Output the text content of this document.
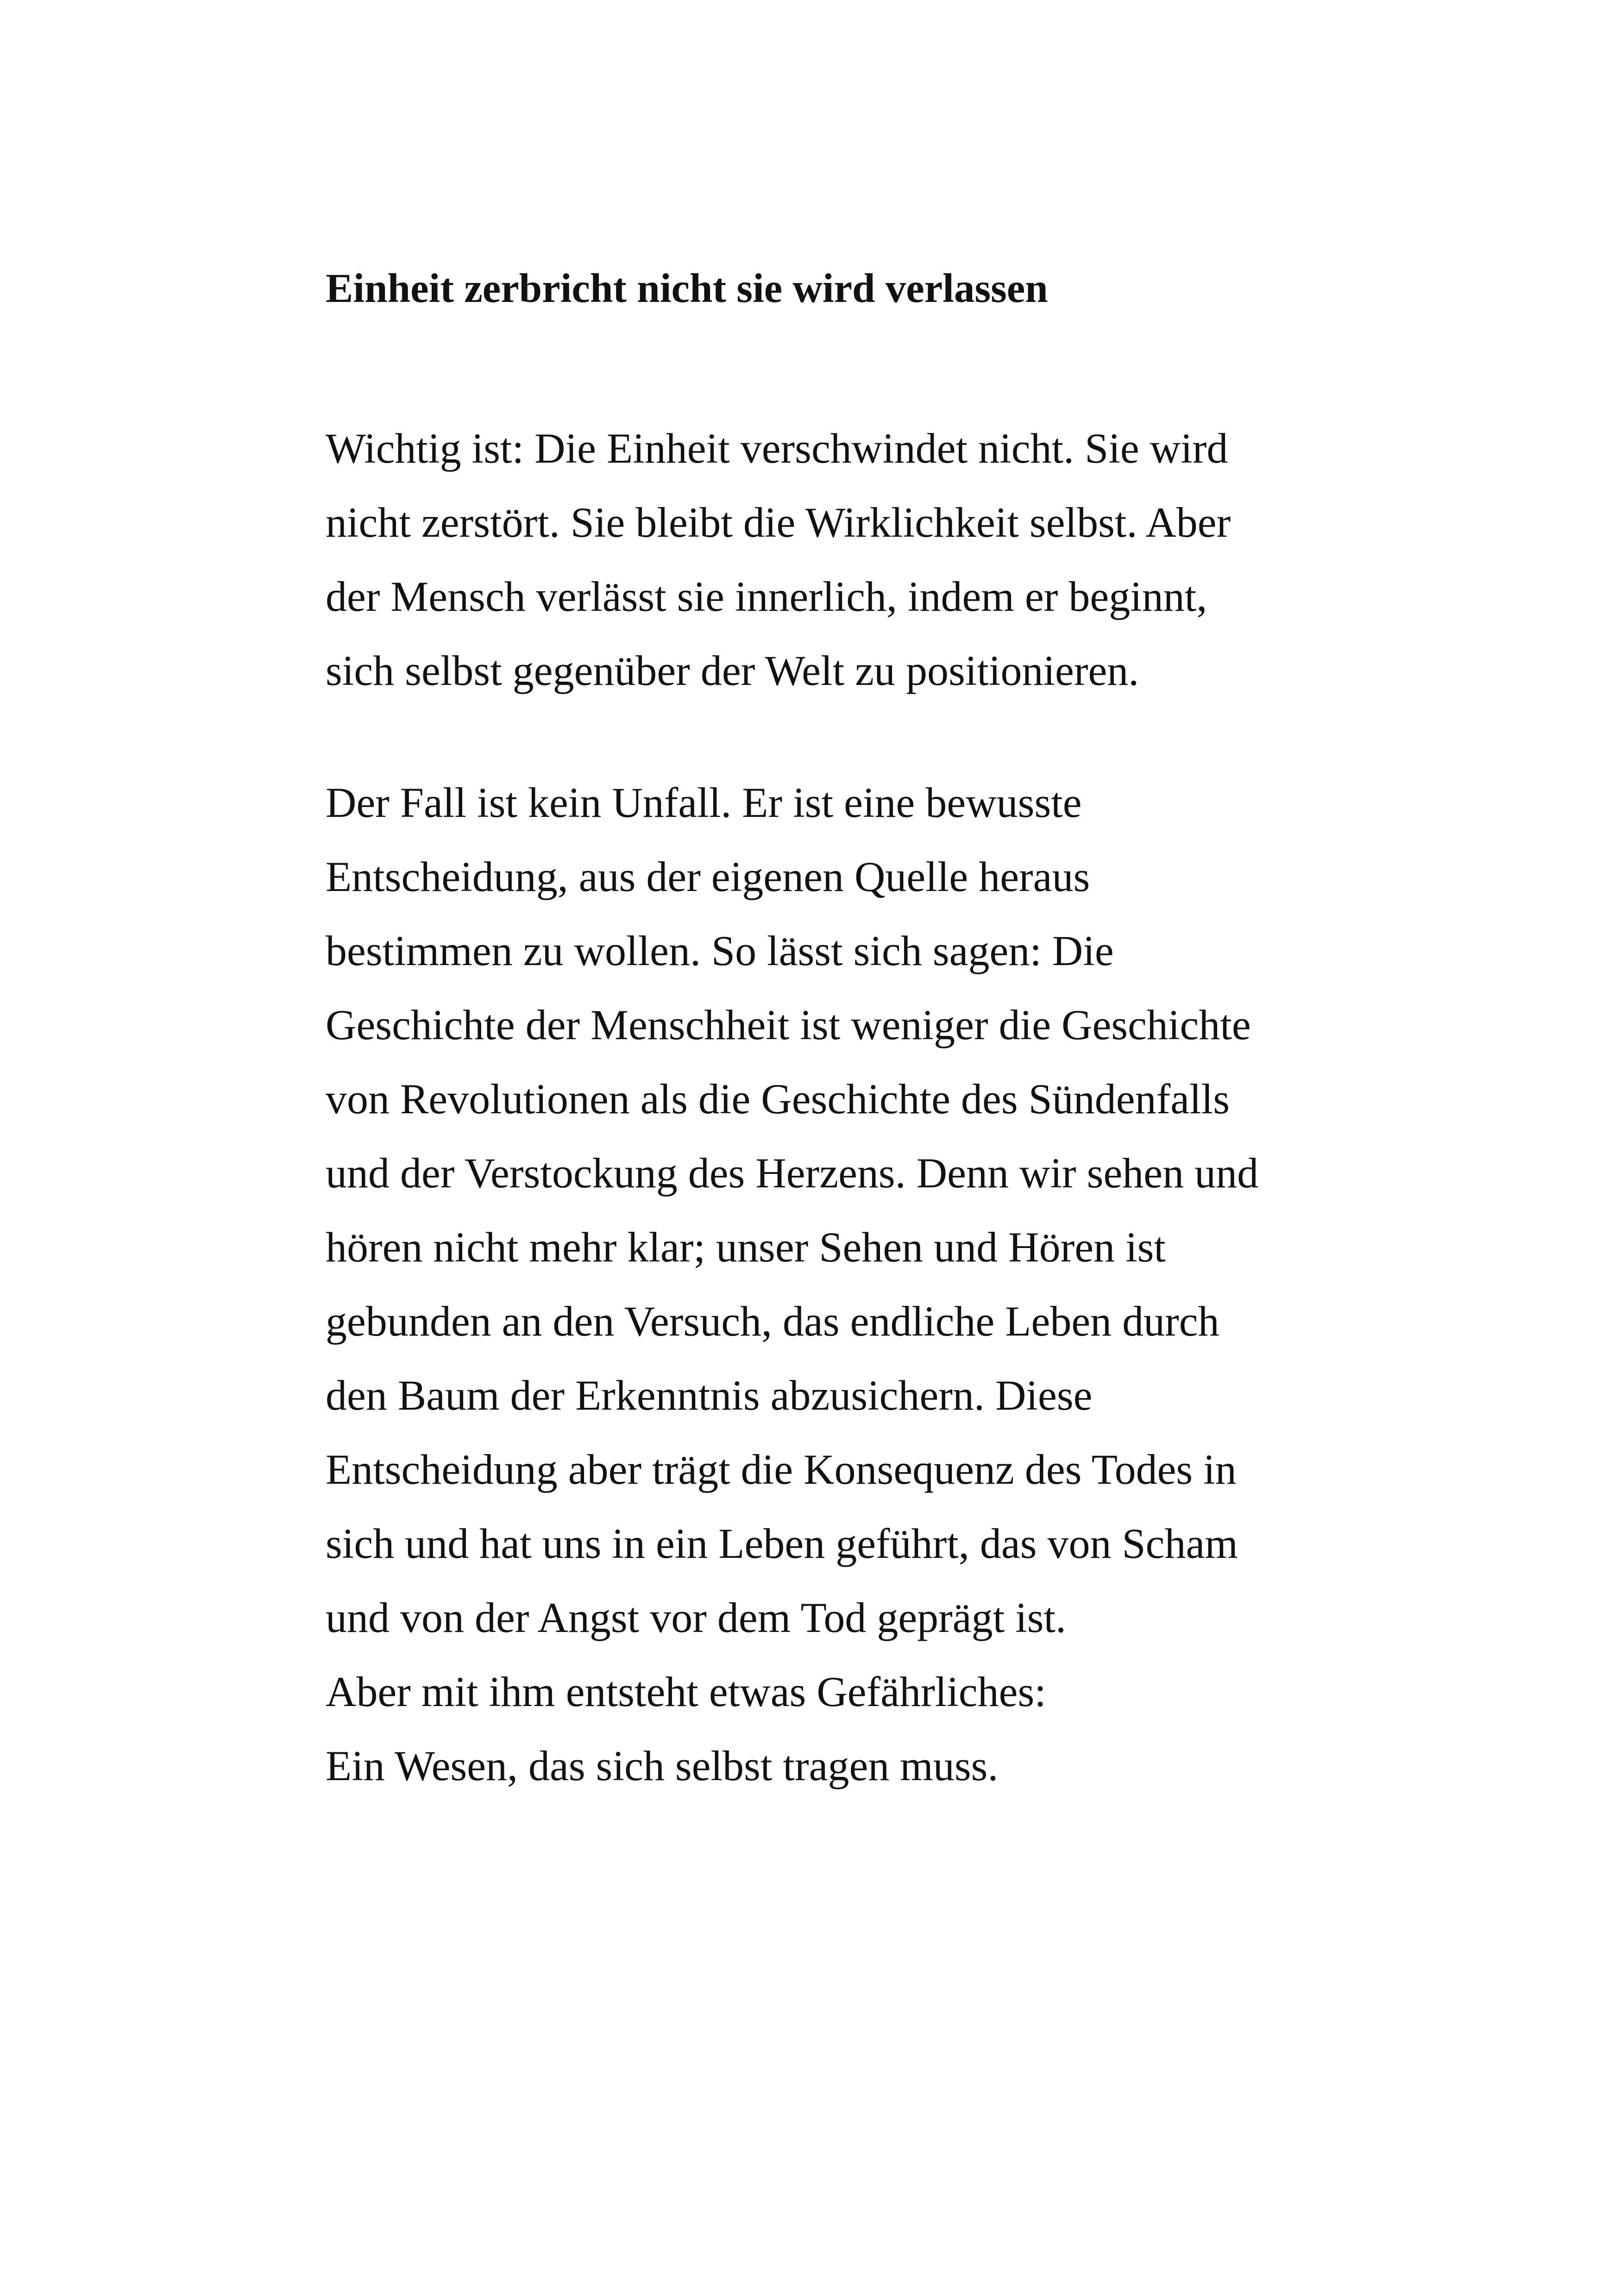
Einheit zerbricht nicht sie wird verlassen

Wichtig ist: Die Einheit verschwindet nicht. Sie wird
nicht zerstört. Sie bleibt die Wirklichkeit selbst. Aber
der Mensch verlässt sie innerlich, indem er beginnt,
sich selbst gegenüber der Welt zu positionieren.

Der Fall ist kein Unfall. Er ist eine bewusste
Entscheidung, aus der eigenen Quelle heraus
bestimmen zu wollen. So lässt sich sagen: Die
Geschichte der Menschheit ist weniger die Geschichte
von Revolutionen als die Geschichte des Sündenfalls
und der Verstockung des Herzens. Denn wir sehen und
hören nicht mehr klar; unser Sehen und Hören ist
gebunden an den Versuch, das endliche Leben durch
den Baum der Erkenntnis abzusichern. Diese
Entscheidung aber trägt die Konsequenz des Todes in
sich und hat uns in ein Leben geführt, das von Scham
und von der Angst vor dem Tod geprägt ist.
Aber mit ihm entsteht etwas Gefährliches:
Ein Wesen, das sich selbst tragen muss.
